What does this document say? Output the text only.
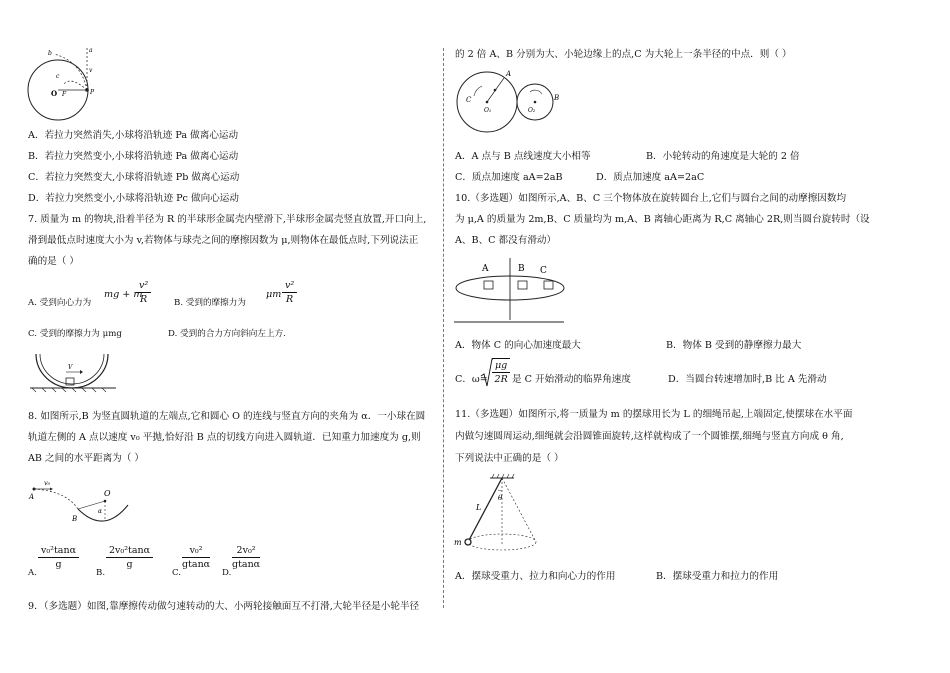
b	a
c
v
P
F
O
A．若拉力突然消失,小球将沿轨迹 Pa 做离心运动
B．若拉力突然变小,小球将沿轨迹 Pa 做离心运动
C．若拉力突然变大,小球将沿轨迹 Pb 做离心运动
D．若拉力突然变小,小球将沿轨迹 Pc 做向心运动
7. 质量为 m 的物块,沿着半径为 R 的半球形金属壳内壁滑下,半球形金属壳竖直放置,开口向上,
滑到最低点时速度大小为 v,若物体与球壳之间的摩擦因数为 μ,则物体在最低点时,下列说法正
确的是（ ）
A. 受到向心力为
mg + m
$\frac{\text{v²}}{R}$	B. 受到的摩擦力为
μm $\frac{\text{v²}}{R}$
C. 受到的摩擦力为 μmg	D. 受到的合力方向斜向左上方.
V
8. 如图所示,B 为竖直圆轨道的左端点,它和圆心 O 的连线与竖直方向的夹角为 α．一小球在圆
轨道左侧的 A 点以速度 v₀ 平抛,恰好沿 B 点的切线方向进入圆轨道．已知重力加速度为 g,则
AB 之间的水平距离为（ ）
v₀
A	O
B
α
A.
$\frac{\text{v₀²tanα}}{g}$
B.
$\frac{\text{2v₀²tanα}}{g}$
C.
$\frac{\text{v₀²}}{gtan\alpha}$
D.
$\frac{\text{2v₀²}}{gtan\alpha}$
9．（多选题）如图,靠摩擦传动做匀速转动的大、小两轮接触面互不打滑,大轮半径是小轮半径
的 2 倍 A、B 分别为大、小轮边缘上的点,C 为大轮上一条半径的中点．则（ ）
A
C
O₁	O₂
B
A．A 点与 B 点线速度大小相等	B．小轮转动的角速度是大轮的 2 倍
C．质点加速度 aA=2aB	D．质点加速度 aA=2aC
10.（多选题）如图所示,A、B、C 三个物体放在旋转圆台上,它们与圆台之间的动摩擦因数均
为 μ,A 的质量为 2m,B、C 质量均为 m,A、B 离轴心距离为 R,C 离轴心 2R,则当圆台旋转时（设
A、B、C 都没有滑动）
A	B C
A．物体 C 的向心加速度最大	B．物体 B 受到的静摩擦力最大
C．$\omega= \frac{\mu g}{2R}$ 是 C 开始滑动的临界角速度	D．当圆台转速增加时,B 比 A 先滑动
11.（多选题）如图所示,将一质量为 m 的摆球用长为 L 的细绳吊起,上端固定,使摆球在水平面
内做匀速圆周运动,细绳就会沿圆锥面旋转,这样就构成了一个圆锥摆,细绳与竖直方向成 θ 角,
下列说法中正确的是（ ）
L
θ
m
A．摆球受重力、拉力和向心力的作用	B．摆球受重力和拉力的作用
